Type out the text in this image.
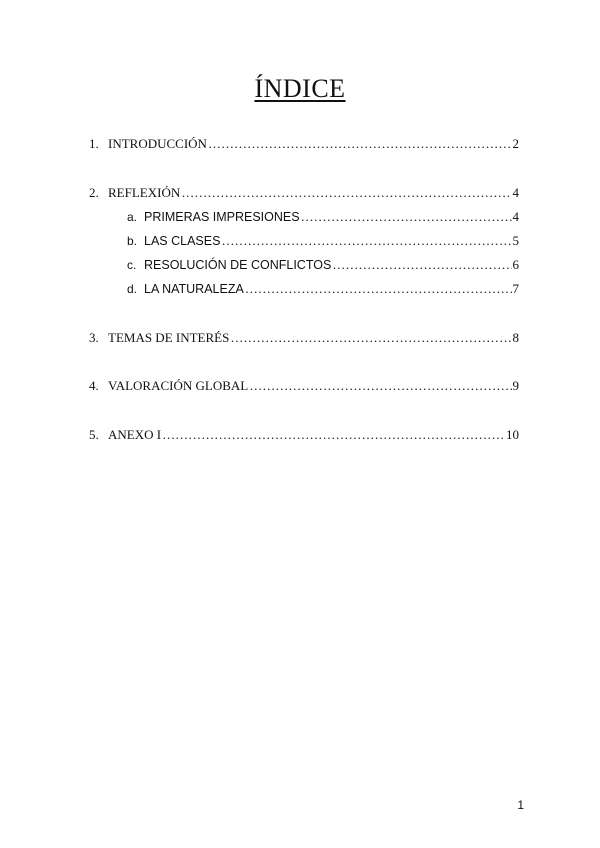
ÍNDICE
1. INTRODUCCIÓN ………………………………………………………………………………………………………………………………………………	2
2. REFLEXIÓN ………………………………………………………………………………………………………………………………………………	4
a. PRIMERAS IMPRESIONES ………………………………………………………………………………………………………………………………………………	4
b. LAS CLASES ………………………………………………………………………………………………………………………………………………	5
c. RESOLUCIÓN DE CONFLICTOS ………………………………………………………………………………………………………………………………………………	6
d. LA NATURALEZA ………………………………………………………………………………………………………………………………………………	7
3. TEMAS DE INTERÉS ………………………………………………………………………………………………………………………………………………	8
4. VALORACIÓN GLOBAL ………………………………………………………………………………………………………………………………………………	9
5. ANEXO I ………………………………………………………………………………………………………………………………………………	10
1
